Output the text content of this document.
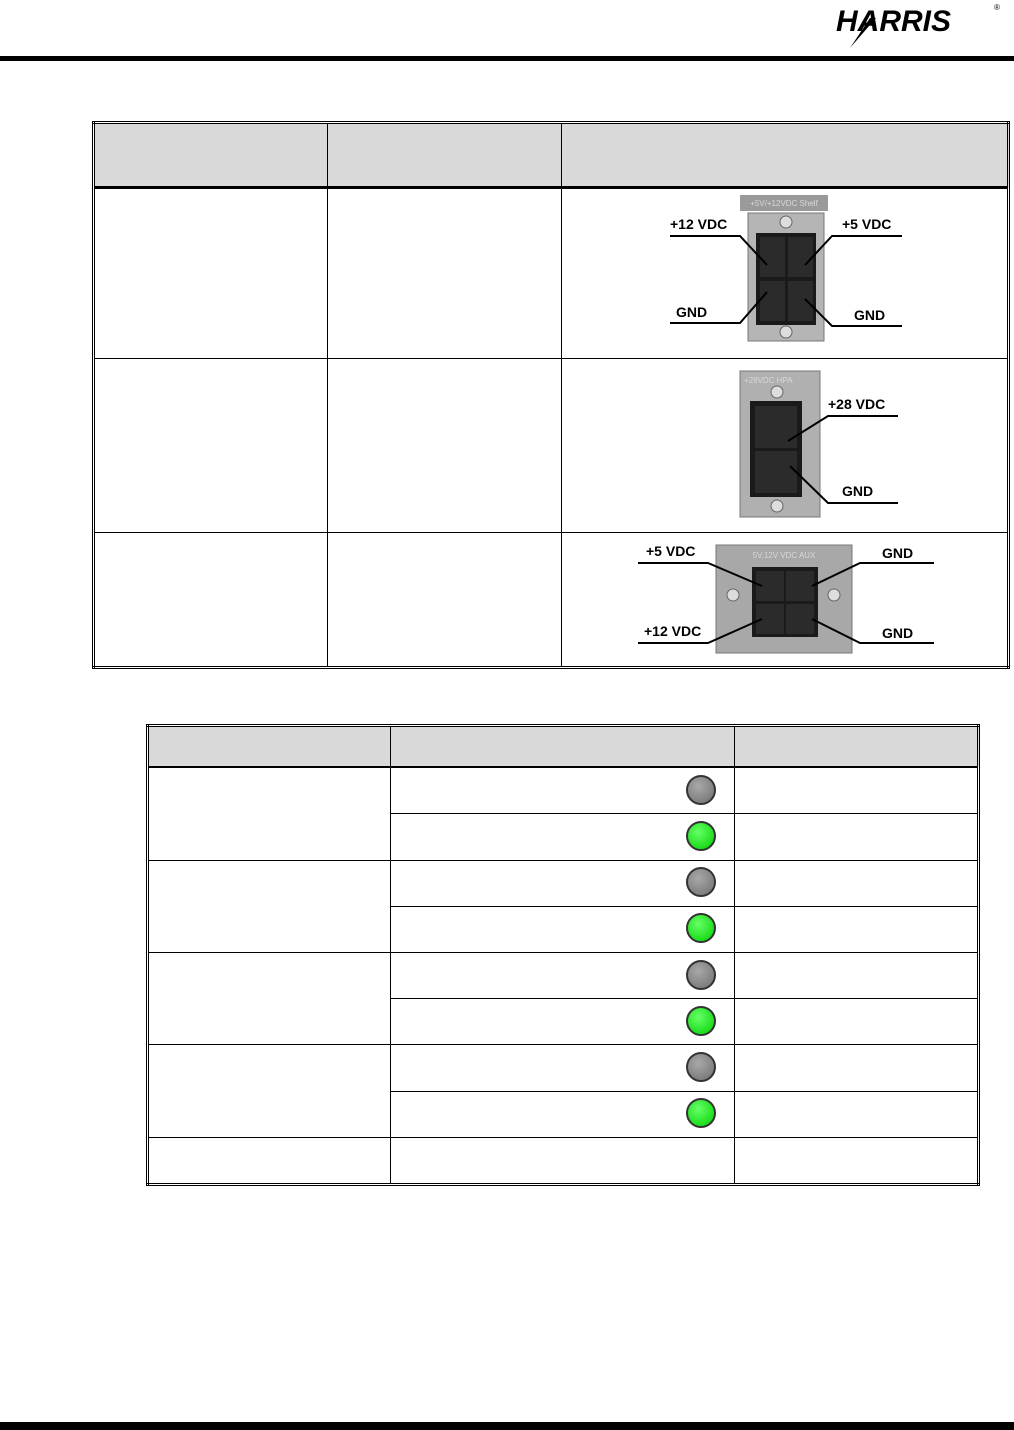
HARRIS	®

+5V/+12VDC Shelf
+12 VDC +5 VDC
GND GND

+28VDC HPA
+28 VDC
GND

5V,12V VDC AUX
+5 VDC GND
+12 VDC GND
